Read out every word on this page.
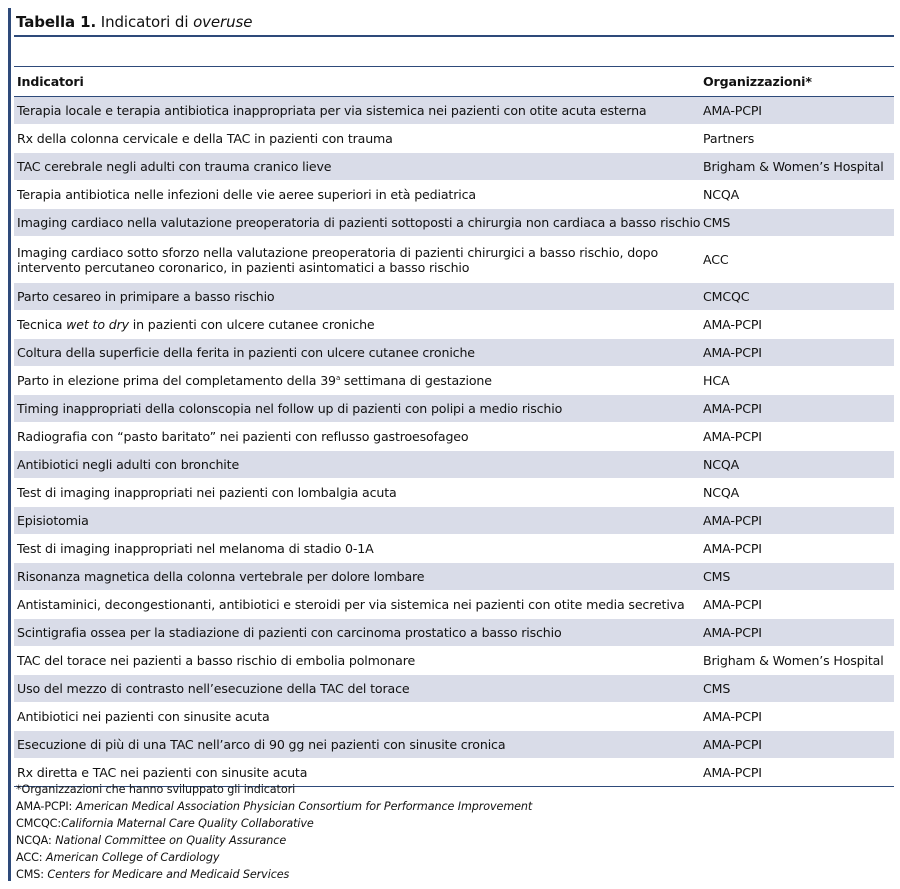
Tabella 1. Indicatori di overuse
Indicatori	Organizzazioni*
Terapia locale e terapia antibiotica inappropriata per via sistemica nei pazienti con otite acuta esterna	AMA-PCPI
Rx della colonna cervicale e della TAC in pazienti con trauma	Partners
TAC cerebrale negli adulti con trauma cranico lieve	Brigham & Women’s Hospital
Terapia antibiotica nelle infezioni delle vie aeree superiori in età pediatrica	NCQA
Imaging cardiaco nella valutazione preoperatoria di pazienti sottoposti a chirurgia non cardiaca a basso rischio	CMS
Imaging cardiaco sotto sforzo nella valutazione preoperatoria di pazienti chirurgici a basso rischio, dopo intervento percutaneo coronarico, in pazienti asintomatici a basso rischio	ACC
Parto cesareo in primipare a basso rischio	CMCQC
Tecnica wet to dry in pazienti con ulcere cutanee croniche	AMA-PCPI
Coltura della superficie della ferita in pazienti con ulcere cutanee croniche	AMA-PCPI
Parto in elezione prima del completamento della 39$^a$ settimana di gestazione	HCA
Timing inappropriati della colonscopia nel follow up di pazienti con polipi a medio rischio	AMA-PCPI
Radiografia con “pasto baritato” nei pazienti con reflusso gastroesofageo	AMA-PCPI
Antibiotici negli adulti con bronchite	NCQA
Test di imaging inappropriati nei pazienti con lombalgia acuta	NCQA
Episiotomia	AMA-PCPI
Test di imaging inappropriati nel melanoma di stadio 0-1A	AMA-PCPI
Risonanza magnetica della colonna vertebrale per dolore lombare	CMS
Antistaminici, decongestionanti, antibiotici e steroidi per via sistemica nei pazienti con otite media secretiva	AMA-PCPI
Scintigrafia ossea per la stadiazione di pazienti con carcinoma prostatico a basso rischio	AMA-PCPI
TAC del torace nei pazienti a basso rischio di embolia polmonare	Brigham & Women’s Hospital
Uso del mezzo di contrasto nell’esecuzione della TAC del torace	CMS
Antibiotici nei pazienti con sinusite acuta	AMA-PCPI
Esecuzione di più di una TAC nell’arco di 90 gg nei pazienti con sinusite cronica	AMA-PCPI
Rx diretta e TAC nei pazienti con sinusite acuta	AMA-PCPI
*Organizzazioni che hanno sviluppato gli indicatori
AMA-PCPI: American Medical Association Physician Consortium for Performance Improvement
CMCQC:California Maternal Care Quality Collaborative
NCQA: National Committee on Quality Assurance
ACC: American College of Cardiology
CMS: Centers for Medicare and Medicaid Services
